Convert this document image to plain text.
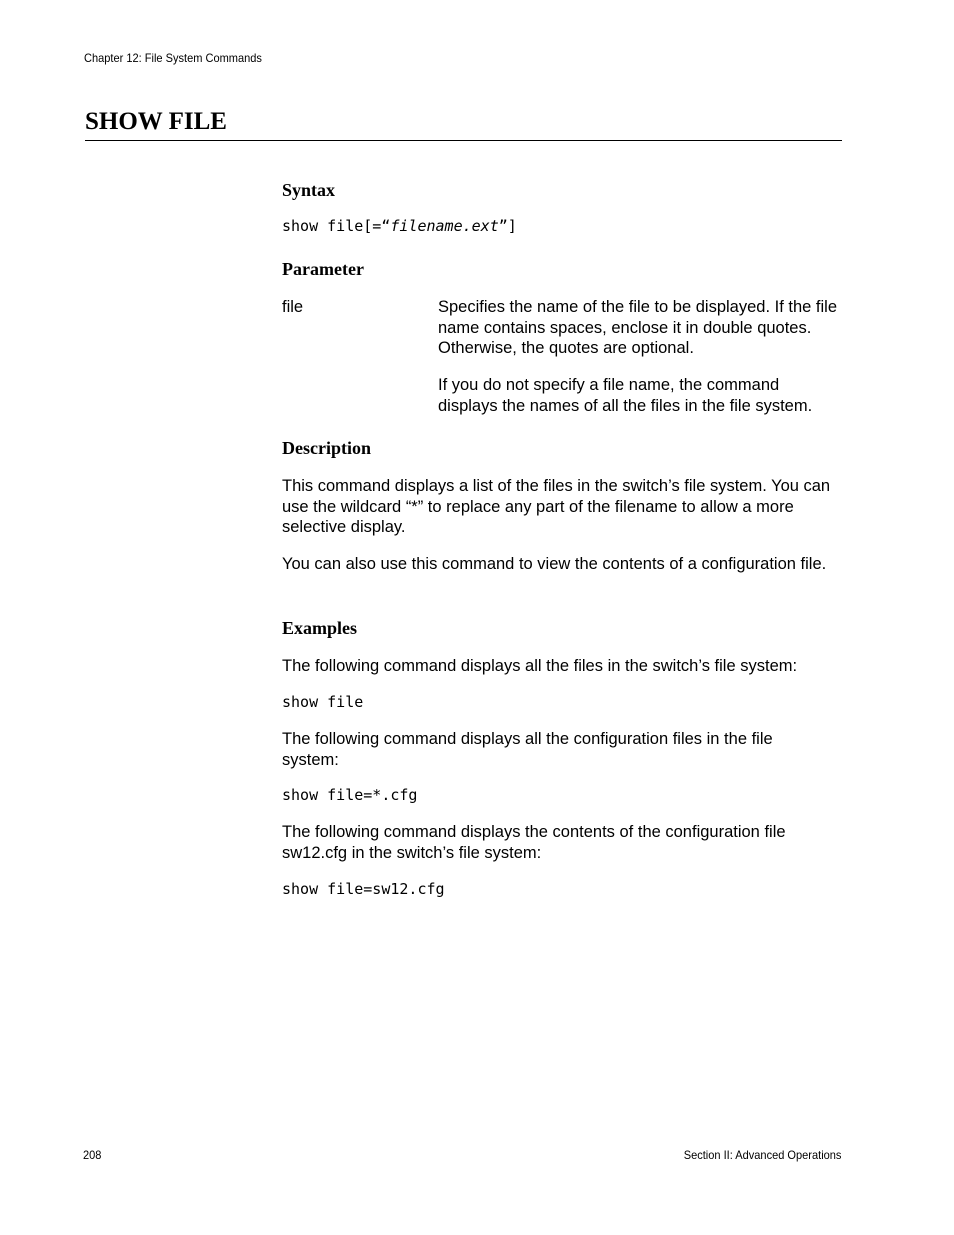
Chapter 12: File System Commands
SHOW FILE
Syntax
show file[=“filename.ext”]
Parameter

file	Specifies the name of the file to be displayed. If the file name contains spaces, enclose it in double quotes. Otherwise, the quotes are optional.

If you do not specify a file name, the command displays the names of all the files in the file system.

Description

This command displays a list of the files in the switch’s file system. You can use the wildcard “*” to replace any part of the filename to allow a more selective display.

You can also use this command to view the contents of a configuration file.

Examples

The following command displays all the files in the switch’s file system:

show file

The following command displays all the configuration files in the file system:

show file=*.cfg

The following command displays the contents of the configuration file sw12.cfg in the switch’s file system:

show file=sw12.cfg
208	Section II: Advanced Operations
